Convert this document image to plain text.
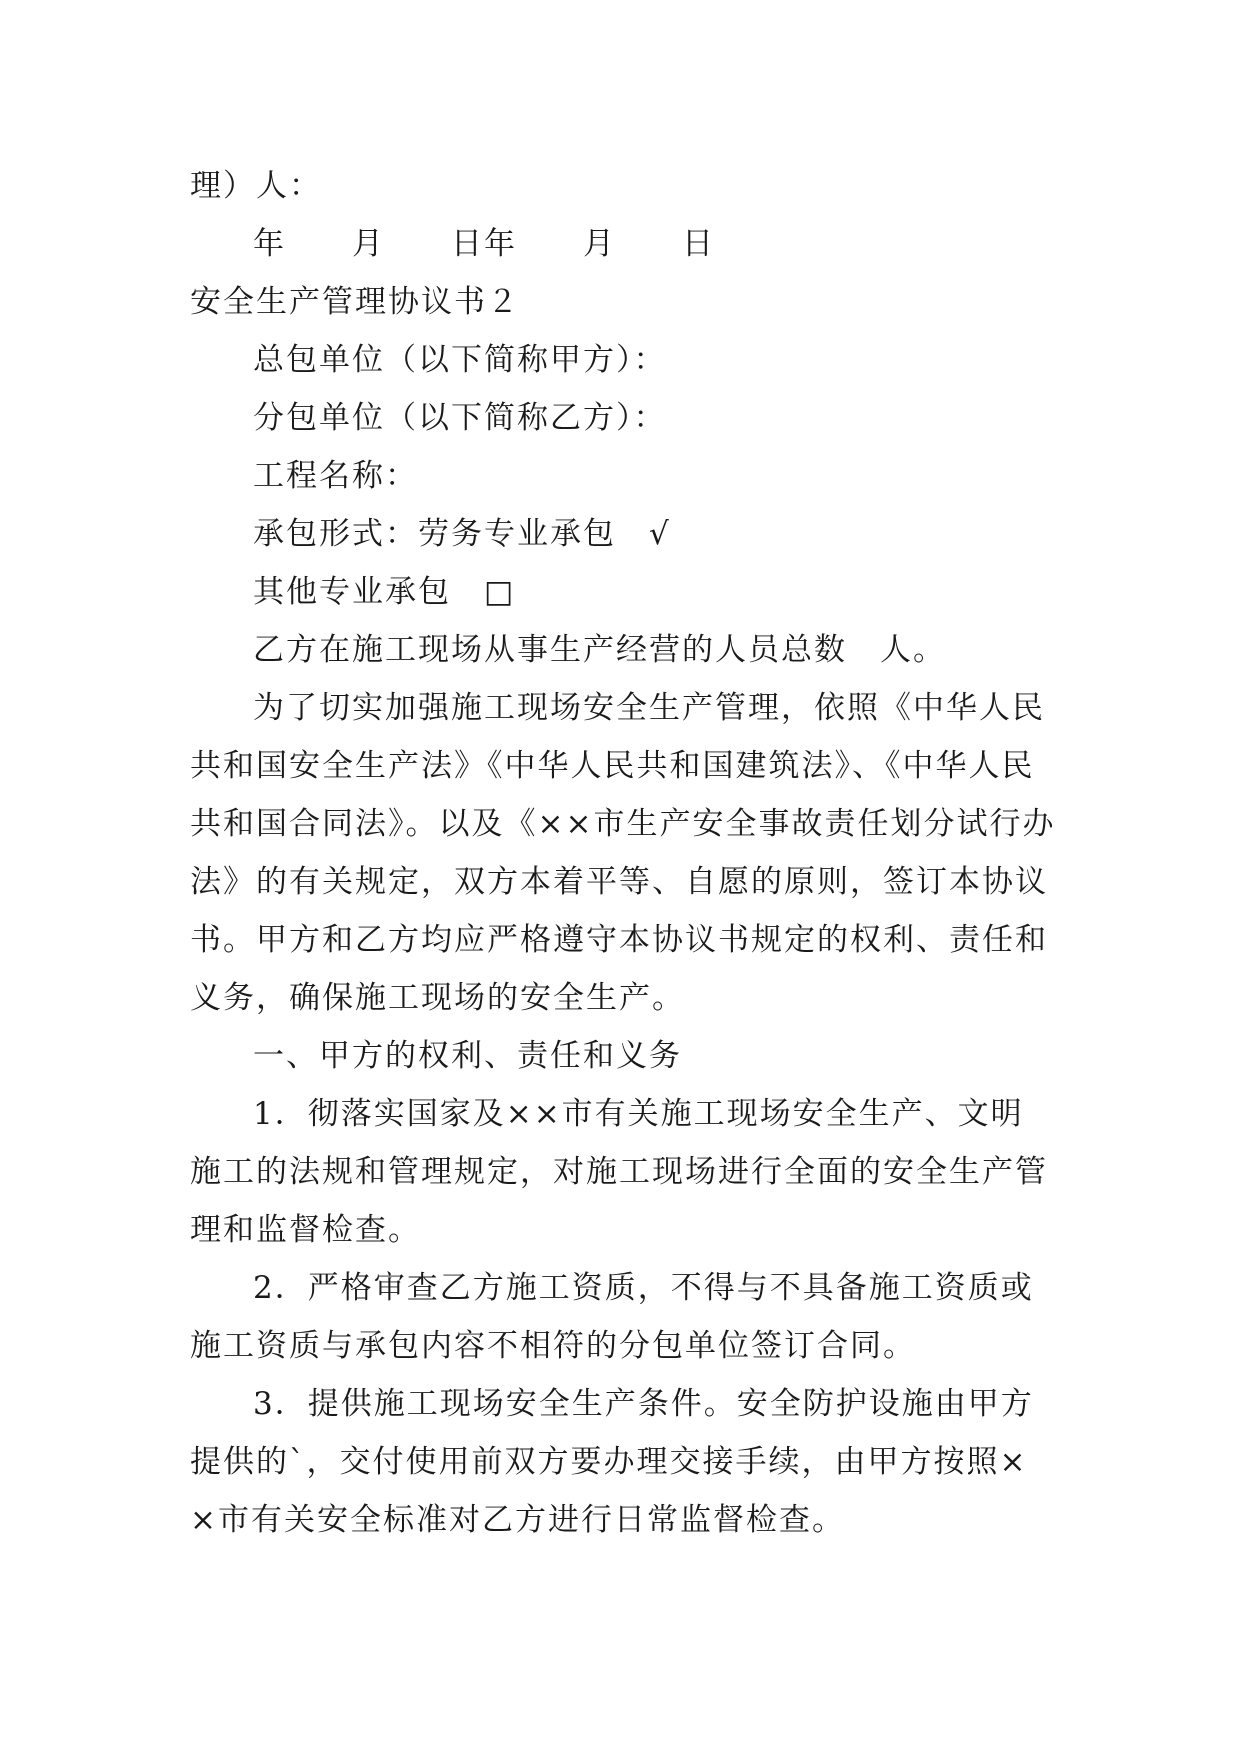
理）人：
年　　月　　日年　　月　　日
安全生产管理协议书２
总包单位（以下简称甲方）：
分包单位（以下简称乙方）：
工程名称：
承包形式：劳务专业承包　√
其他专业承包　□
乙方在施工现场从事生产经营的人员总数　人。
为了切实加强施工现场安全生产管理，依照《中华人民
共和国安全生产法》《中华人民共和国建筑法》、《中华人民
共和国合同法》。以及《××市生产安全事故责任划分试行办
法》的有关规定，双方本着平等、自愿的原则，签订本协议
书。甲方和乙方均应严格遵守本协议书规定的权利、责任和
义务，确保施工现场的安全生产。
一、甲方的权利、责任和义务
1．彻落实国家及××市有关施工现场安全生产、文明
施工的法规和管理规定，对施工现场进行全面的安全生产管
理和监督检查。
2．严格审查乙方施工资质，不得与不具备施工资质或
施工资质与承包内容不相符的分包单位签订合同。
3．提供施工现场安全生产条件。安全防护设施由甲方
提供的`，交付使用前双方要办理交接手续，由甲方按照×
×市有关安全标准对乙方进行日常监督检查。
